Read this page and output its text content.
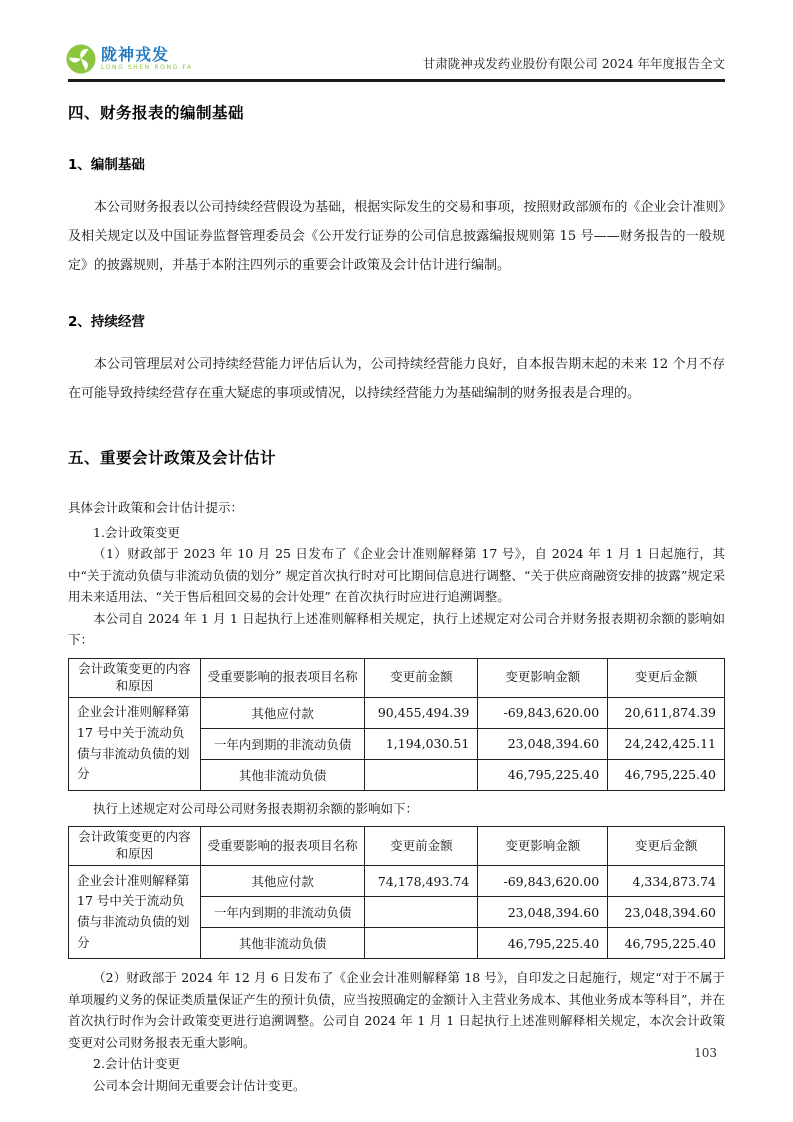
陇神戎发
LONG SHEN RONG FA	甘肃陇神戎发药业股份有限公司 2024 年年度报告全文
四、财务报表的编制基础
1、编制基础

本公司财务报表以公司持续经营假设为基础，根据实际发生的交易和事项，按照财政部颁布的《企业会计准则》及相关规定以及中国证券监督管理委员会《公开发行证券的公司信息披露编报规则第 15 号——财务报告的一般规定》的披露规则，并基于本附注四列示的重要会计政策及会计估计进行编制。

2、持续经营

本公司管理层对公司持续经营能力评估后认为，公司持续经营能力良好，自本报告期末起的未来 12 个月不存在可能导致持续经营存在重大疑虑的事项或情况，以持续经营能力为基础编制的财务报表是合理的。

五、重要会计政策及会计估计

具体会计政策和会计估计提示：

1.会计政策变更

（1）财政部于 2023 年 10 月 25 日发布了《企业会计准则解释第 17 号》，自 2024 年 1 月 1 日起施行，其中“关于流动负债与非流动负债的划分” 规定首次执行时对可比期间信息进行调整、“关于供应商融资安排的披露”规定采用未来适用法、“关于售后租回交易的会计处理” 在首次执行时应进行追溯调整。

本公司自 2024 年 1 月 1 日起执行上述准则解释相关规定，执行上述规定对公司合并财务报表期初余额的影响如下：

会计政策变更的内容和原因	受重要影响的报表项目名称	变更前金额	变更影响金额	变更后金额
企业会计准则解释第 17 号中关于流动负债与非流动负债的划分	其他应付款	90,455,494.39	-69,843,620.00	20,611,874.39
	一年内到期的非流动负债	1,194,030.51	23,048,394.60	24,242,425.11
	其他非流动负债		46,795,225.40	46,795,225.40

执行上述规定对公司母公司财务报表期初余额的影响如下：

会计政策变更的内容和原因	受重要影响的报表项目名称	变更前金额	变更影响金额	变更后金额
企业会计准则解释第 17 号中关于流动负债与非流动负债的划分	其他应付款	74,178,493.74	-69,843,620.00	4,334,873.74
	一年内到期的非流动负债		23,048,394.60	23,048,394.60
	其他非流动负债		46,795,225.40	46,795,225.40

（2）财政部于 2024 年 12 月 6 日发布了《企业会计准则解释第 18 号》，自印发之日起施行，规定“对于不属于单项履约义务的保证类质量保证产生的预计负债，应当按照确定的金额计入主营业务成本、其他业务成本等科目”，并在首次执行时作为会计政策变更进行追溯调整。公司自 2024 年 1 月 1 日起执行上述准则解释相关规定，本次会计政策变更对公司财务报表无重大影响。

2.会计估计变更

公司本会计期间无重要会计估计变更。

103
